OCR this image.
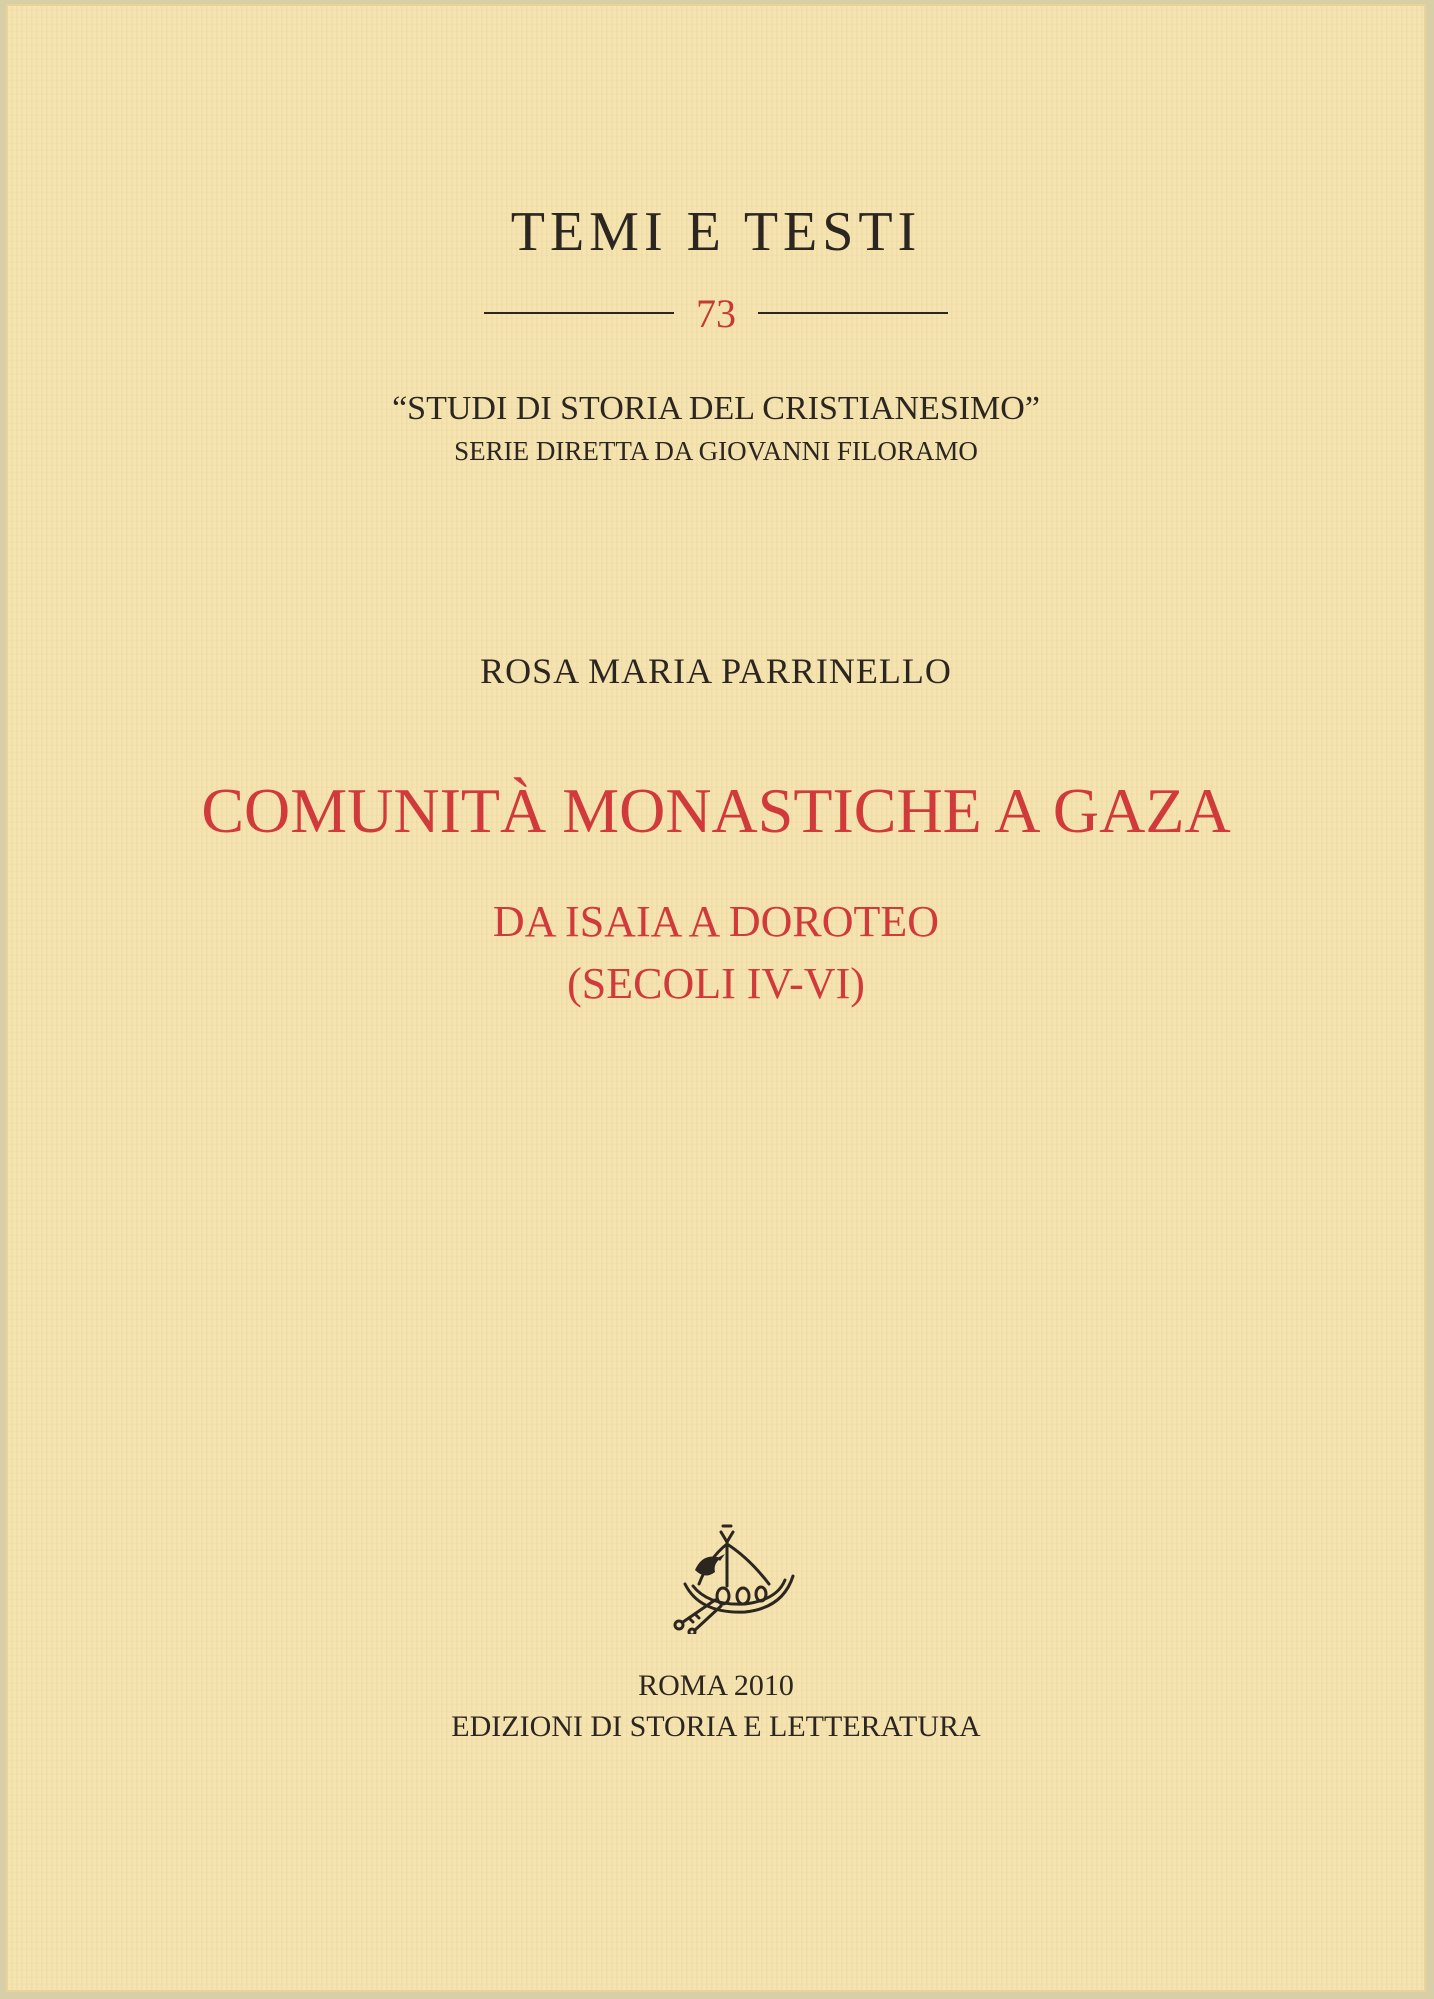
TEMI E TESTI
73
“STUDI DI STORIA DEL CRISTIANESIMO”
SERIE DIRETTA DA GIOVANNI FILORAMO
ROSA MARIA PARRINELLO
COMUNITÀ MONASTICHE A GAZA
DA ISAIA A DOROTEO
(SECOLI IV-VI)
ROMA 2010
EDIZIONI DI STORIA E LETTERATURA
